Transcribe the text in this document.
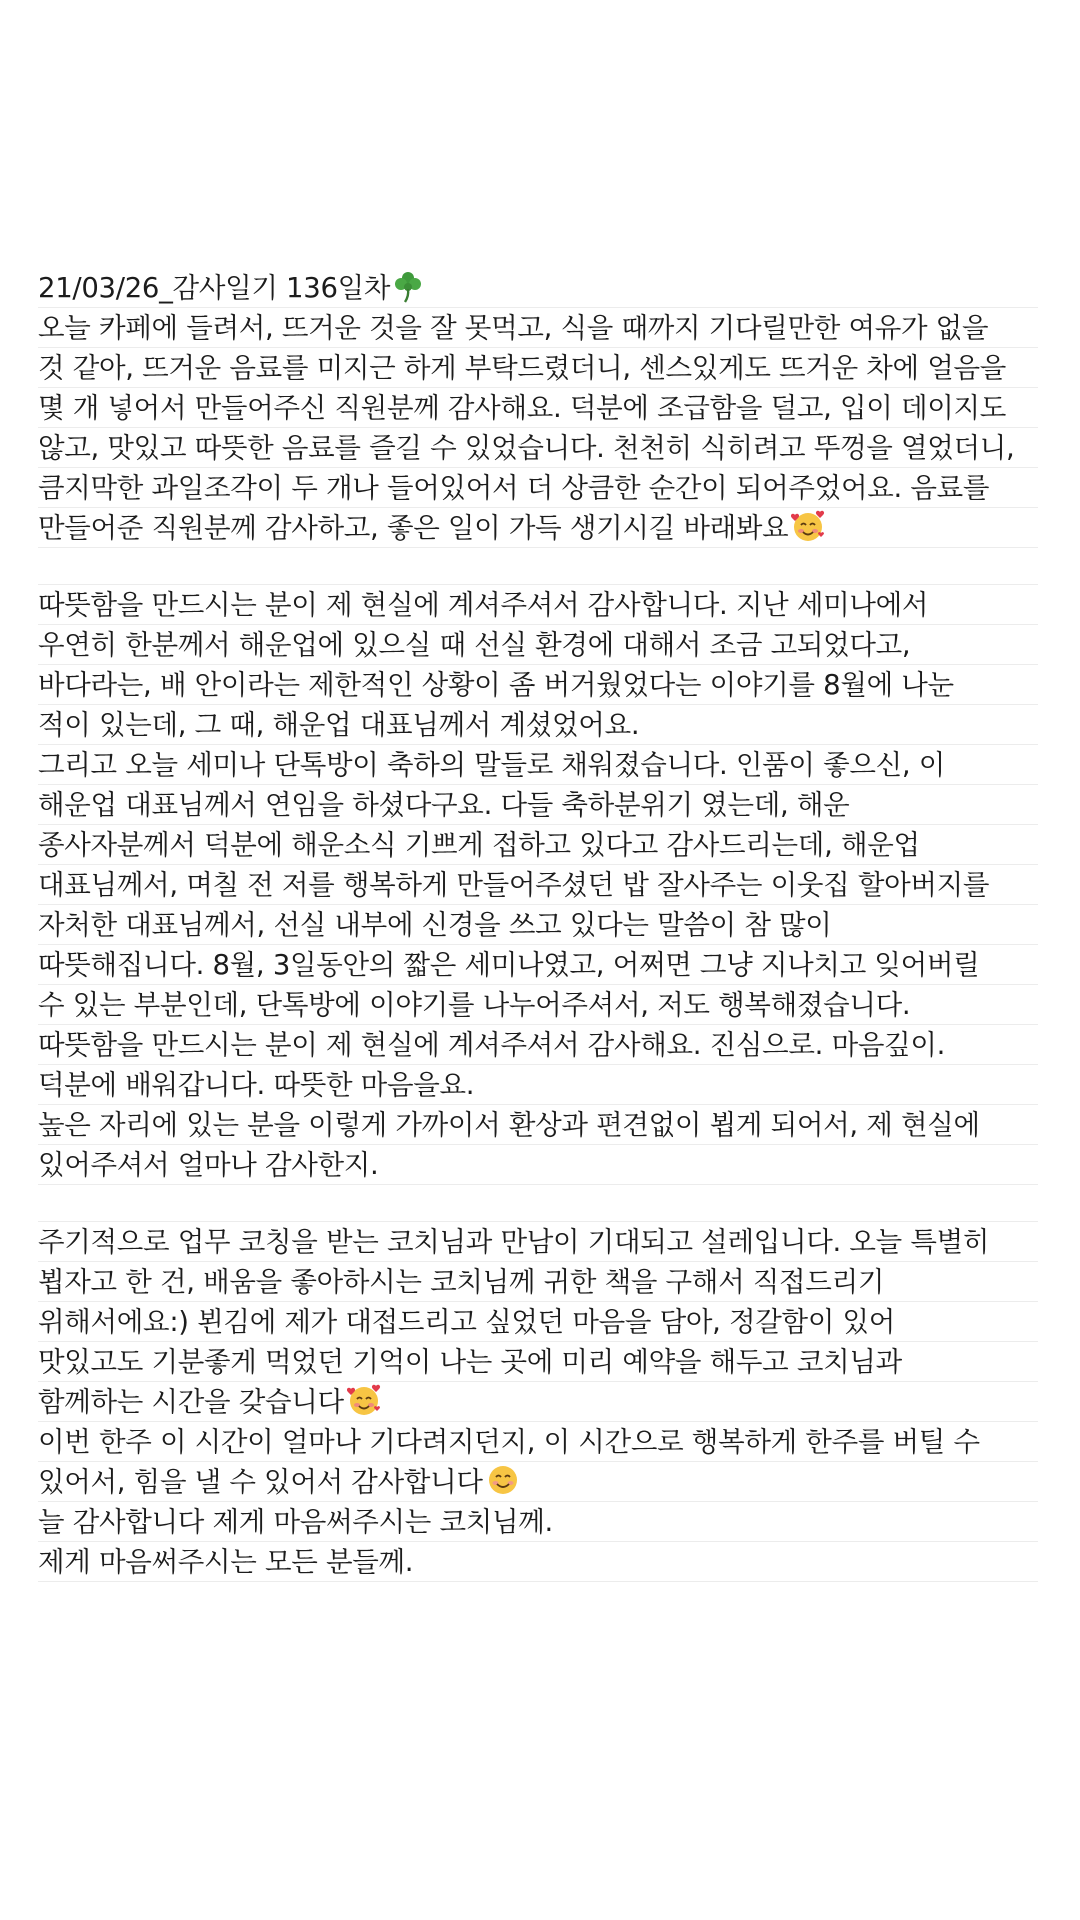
21/03/26_감사일기 136일차
오늘 카페에 들려서, 뜨거운 것을 잘 못먹고, 식을 때까지 기다릴만한 여유가 없을
것 같아, 뜨거운 음료를 미지근 하게 부탁드렸더니, 센스있게도 뜨거운 차에 얼음을
몇 개 넣어서 만들어주신 직원분께 감사해요. 덕분에 조급함을 덜고, 입이 데이지도
않고, 맛있고 따뜻한 음료를 즐길 수 있었습니다. 천천히 식히려고 뚜껑을 열었더니,
큼지막한 과일조각이 두 개나 들어있어서 더 상큼한 순간이 되어주었어요. 음료를
만들어준 직원분께 감사하고, 좋은 일이 가득 생기시길 바래봐요
따뜻함을 만드시는 분이 제 현실에 계셔주셔서 감사합니다. 지난 세미나에서
우연히 한분께서 해운업에 있으실 때 선실 환경에 대해서 조금 고되었다고,
바다라는, 배 안이라는 제한적인 상황이 좀 버거웠었다는 이야기를 8월에 나눈
적이 있는데, 그 때, 해운업 대표님께서 계셨었어요.
그리고 오늘 세미나 단톡방이 축하의 말들로 채워졌습니다. 인품이 좋으신, 이
해운업 대표님께서 연임을 하셨다구요. 다들 축하분위기 였는데, 해운
종사자분께서 덕분에 해운소식 기쁘게 접하고 있다고 감사드리는데, 해운업
대표님께서, 며칠 전 저를 행복하게 만들어주셨던 밥 잘사주는 이웃집 할아버지를
자처한 대표님께서, 선실 내부에 신경을 쓰고 있다는 말씀이 참 많이
따뜻해집니다. 8월, 3일동안의 짧은 세미나였고, 어쩌면 그냥 지나치고 잊어버릴
수 있는 부분인데, 단톡방에 이야기를 나누어주셔서, 저도 행복해졌습니다.
따뜻함을 만드시는 분이 제 현실에 계셔주셔서 감사해요. 진심으로. 마음깊이.
덕분에 배워갑니다. 따뜻한 마음을요.
높은 자리에 있는 분을 이렇게 가까이서 환상과 편견없이 뵙게 되어서, 제 현실에
있어주셔서 얼마나 감사한지.
주기적으로 업무 코칭을 받는 코치님과 만남이 기대되고 설레입니다. 오늘 특별히
뵙자고 한 건, 배움을 좋아하시는 코치님께 귀한 책을 구해서 직접드리기
위해서에요:) 뵌김에 제가 대접드리고 싶었던 마음을 담아, 정갈함이 있어
맛있고도 기분좋게 먹었던 기억이 나는 곳에 미리 예약을 해두고 코치님과
함께하는 시간을 갖습니다
이번 한주 이 시간이 얼마나 기다려지던지, 이 시간으로 행복하게 한주를 버틸 수
있어서, 힘을 낼 수 있어서 감사합니다
늘 감사합니다 제게 마음써주시는 코치님께.
제게 마음써주시는 모든 분들께.
